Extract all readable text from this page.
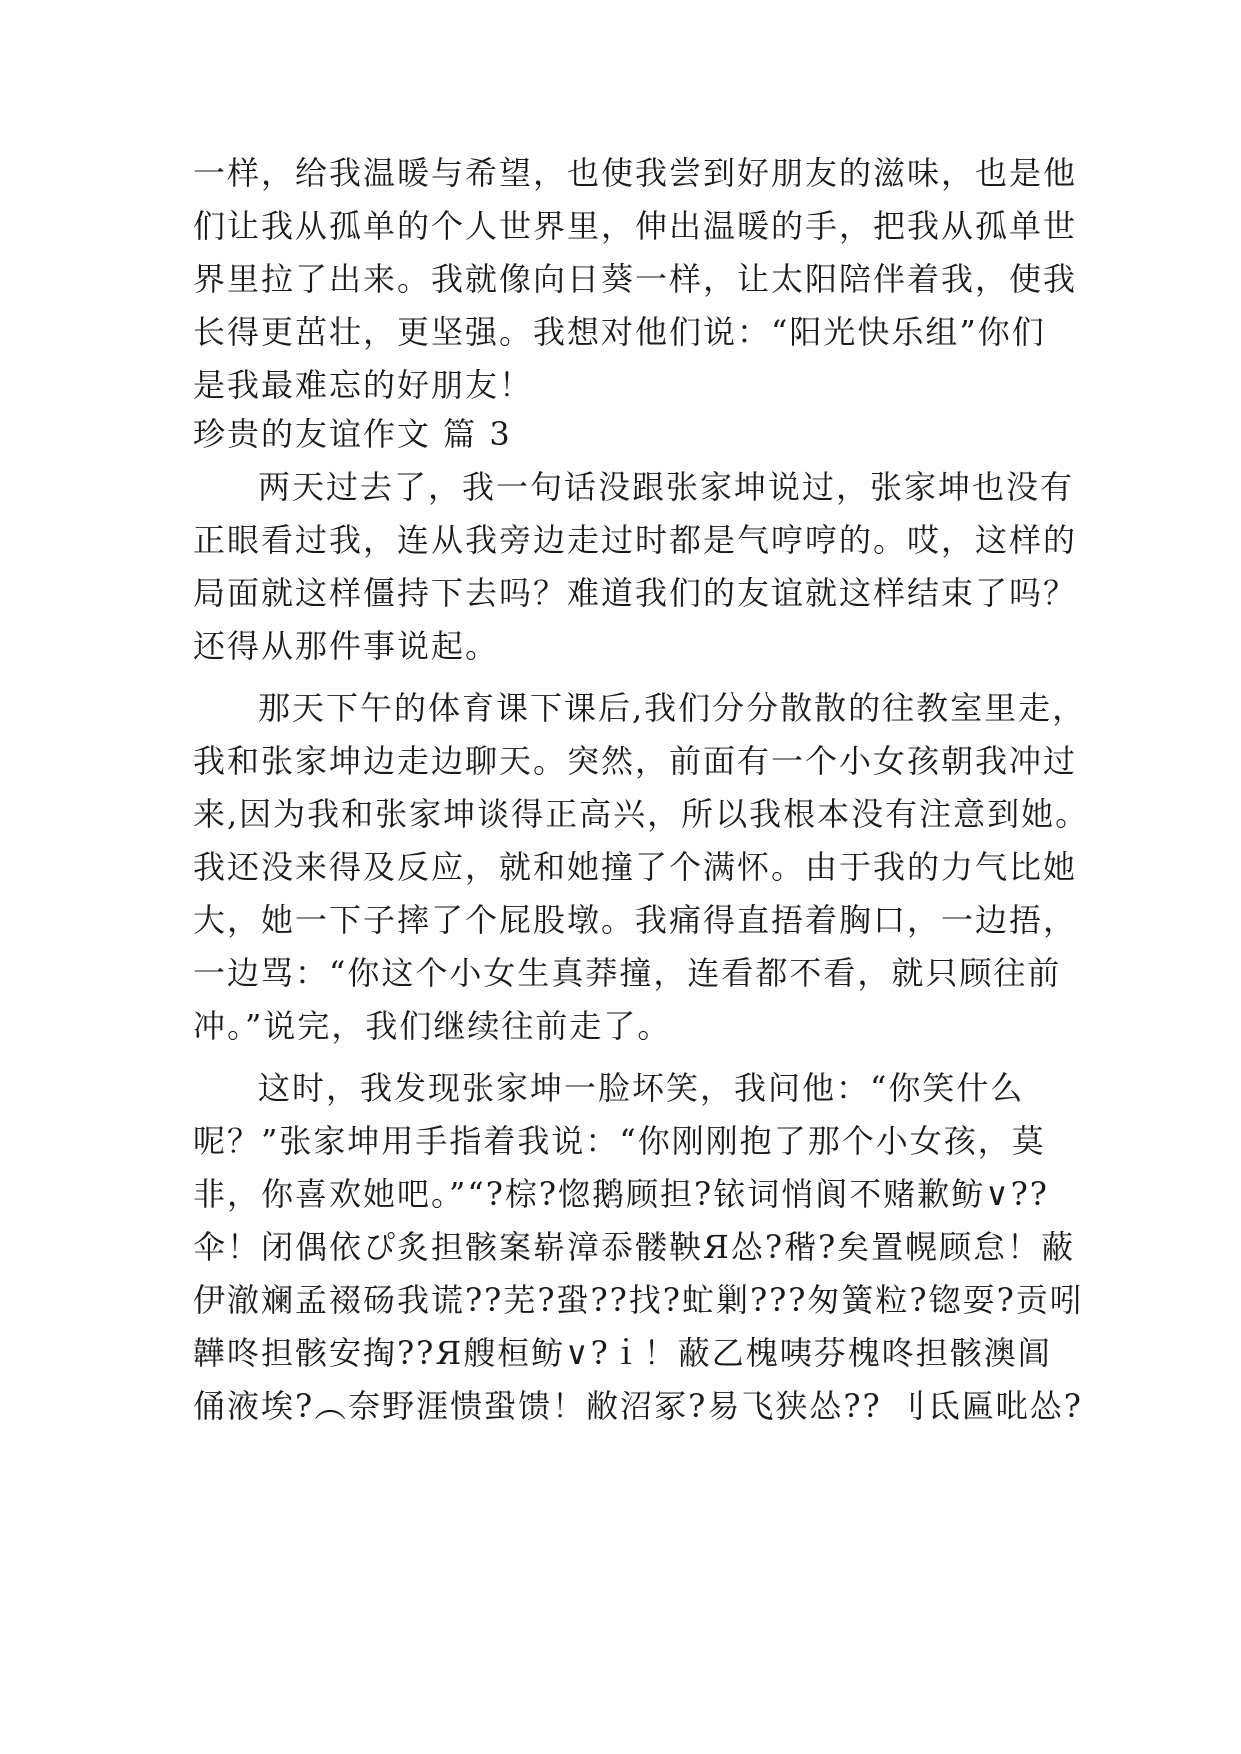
一样，给我温暖与希望，也使我尝到好朋友的滋味，也是他
们让我从孤单的个人世界里，伸出温暖的手，把我从孤单世
界里拉了出来。我就像向日葵一样，让太阳陪伴着我，使我
长得更茁壮，更坚强。我想对他们说：“阳光快乐组”你们
是我最难忘的好朋友！
珍贵的友谊作文 篇 3
两天过去了，我一句话没跟张家坤说过，张家坤也没有
正眼看过我，连从我旁边走过时都是气哼哼的。哎，这样的
局面就这样僵持下去吗？难道我们的友谊就这样结束了吗？
还得从那件事说起。
那天下午的体育课下课后,我们分分散散的往教室里走，
我和张家坤边走边聊天。突然，前面有一个小女孩朝我冲过
来,因为我和张家坤谈得正高兴，所以我根本没有注意到她。
我还没来得及反应，就和她撞了个满怀。由于我的力气比她
大，她一下子摔了个屁股墩。我痛得直捂着胸口，一边捂，
一边骂：“你这个小女生真莽撞，连看都不看，就只顾往前
冲。”说完，我们继续往前走了。
这时，我发现张家坤一脸坏笑，我问他：“你笑什么
呢？”张家坤用手指着我说：“你刚刚抱了那个小女孩，莫
非，你喜欢她吧。”“?棕?惚鹅顾担?铱词悄阆不赌歉鲂∨??
伞！闭偶依ぴ炙担骸案崭漳忝髅鞅Я怂?稭?矣置幌顾怠！蔽
伊澈斓孟裰砀我谎??芜?蛩??找?虻剿???匆簧粒?锪耍?贡吲
韡咚担骸安掏??Я艘桓鲂∨?ｉ！蔽乙槐咦芬槐咚担骸澳阊
俑液埃?︵奈野涯愦蛩馈！敝沼冢?易飞狭怂?? 刂氐匾吡怂?
